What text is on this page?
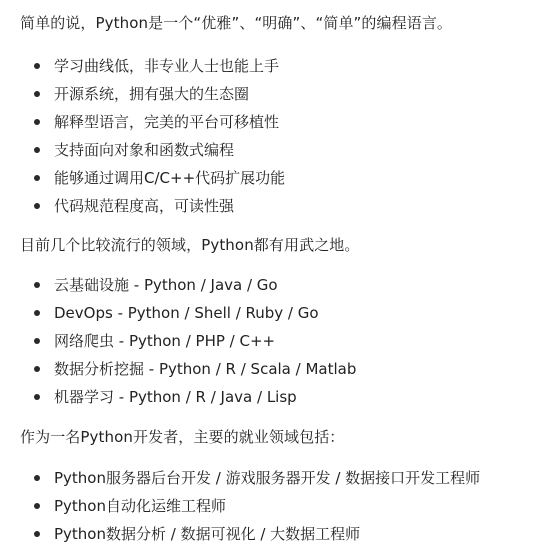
简单的说，Python是一个“优雅”、“明确”、“简单”的编程语言。

学习曲线低，非专业人士也能上手
开源系统，拥有强大的生态圈
解释型语言，完美的平台可移植性
支持面向对象和函数式编程
能够通过调用C/C++代码扩展功能
代码规范程度高，可读性强

目前几个比较流行的领域，Python都有用武之地。

云基础设施 - Python / Java / Go
DevOps - Python / Shell / Ruby / Go
网络爬虫 - Python / PHP / C++
数据分析挖掘 - Python / R / Scala / Matlab
机器学习 - Python / R / Java / Lisp

作为一名Python开发者，主要的就业领域包括：

Python服务器后台开发 / 游戏服务器开发 / 数据接口开发工程师
Python自动化运维工程师
Python数据分析 / 数据可视化 / 大数据工程师
